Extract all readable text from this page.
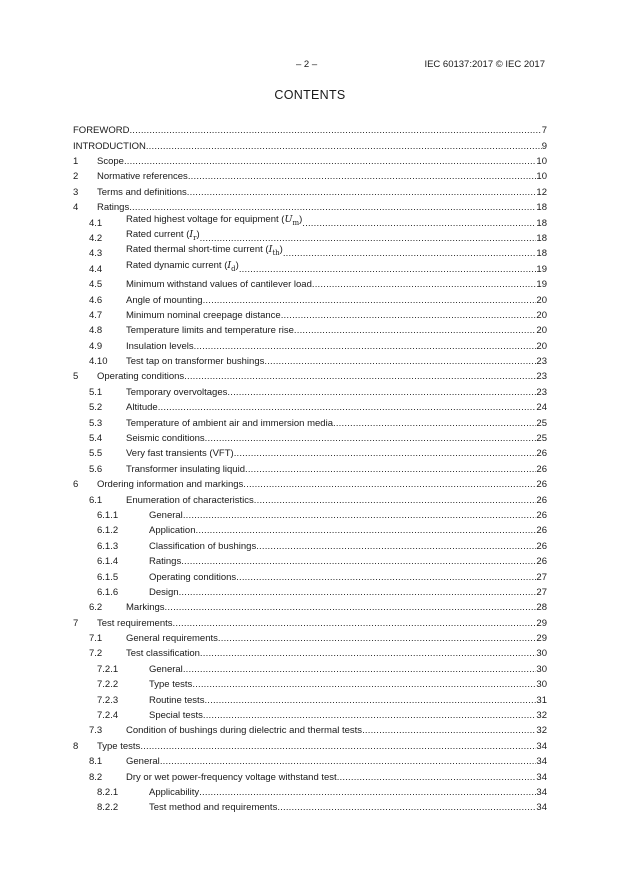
– 2 –	IEC 60137:2017 © IEC 2017
CONTENTS
FOREWORD .....	7
INTRODUCTION .....	9
1	Scope .....	10
2	Normative references .....	10
3	Terms and definitions .....	12
4	Ratings .....	18
4.1	Rated highest voltage for equipment $(U_m)$ .....	18
4.2	Rated current $(I_r)$ .....	18
4.3	Rated thermal short-time current $(I_{th})$ .....	18
4.4	Rated dynamic current $(I_d)$ .....	19
4.5	Minimum withstand values of cantilever load .....	19
4.6	Angle of mounting .....	20
4.7	Minimum nominal creepage distance .....	20
4.8	Temperature limits and temperature rise .....	20
4.9	Insulation levels .....	20
4.10	Test tap on transformer bushings .....	23
5	Operating conditions .....	23
5.1	Temporary overvoltages .....	23
5.2	Altitude .....	24
5.3	Temperature of ambient air and immersion media .....	25
5.4	Seismic conditions .....	25
5.5	Very fast transients (VFT) .....	26
5.6	Transformer insulating liquid .....	26
6	Ordering information and markings .....	26
6.1	Enumeration of characteristics .....	26
6.1.1	General .....	26
6.1.2	Application .....	26
6.1.3	Classification of bushings .....	26
6.1.4	Ratings .....	26
6.1.5	Operating conditions .....	27
6.1.6	Design .....	27
6.2	Markings .....	28
7	Test requirements .....	29
7.1	General requirements .....	29
7.2	Test classification .....	30
7.2.1	General .....	30
7.2.2	Type tests .....	30
7.2.3	Routine tests .....	31
7.2.4	Special tests .....	32
7.3	Condition of bushings during dielectric and thermal tests .....	32
8	Type tests .....	34
8.1	General .....	34
8.2	Dry or wet power-frequency voltage withstand test .....	34
8.2.1	Applicability .....	34
8.2.2	Test method and requirements .....	34
